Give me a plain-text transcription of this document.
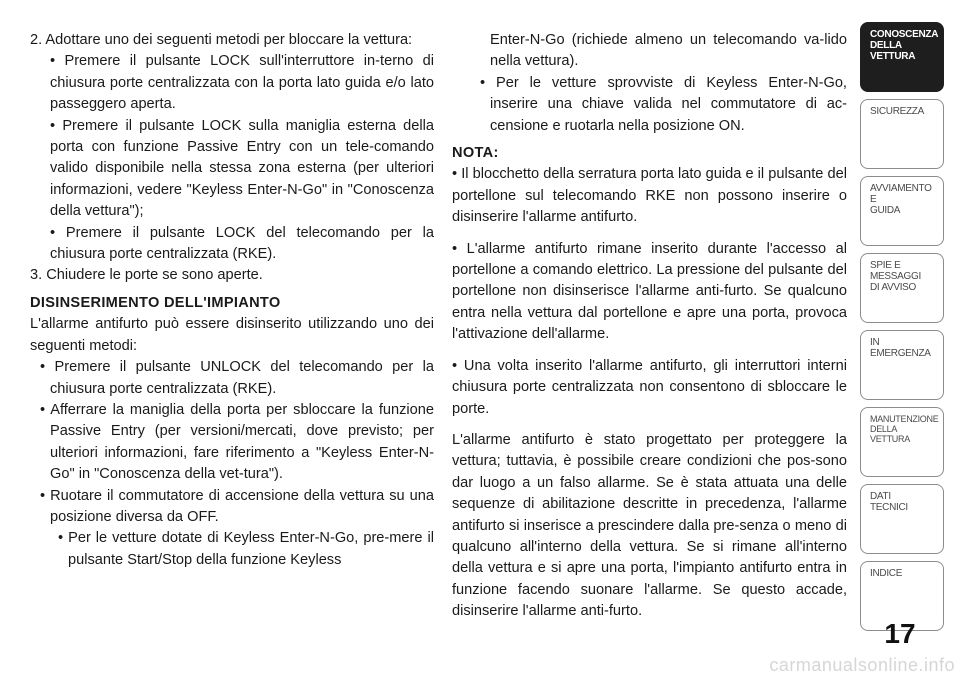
2. Adottare uno dei seguenti metodi per bloccare la vettura:

• Premere il pulsante LOCK sull'interruttore in-terno di chiusura porte centralizzata con la porta lato guida e/o lato passeggero aperta.

• Premere il pulsante LOCK sulla maniglia esterna della porta con funzione Passive Entry con un tele-comando valido disponibile nella stessa zona esterna (per ulteriori informazioni, vedere "Keyless Enter-N-Go" in "Conoscenza della vettura");

• Premere il pulsante LOCK del telecomando per la chiusura porte centralizzata (RKE).

3. Chiudere le porte se sono aperte.

DISINSERIMENTO DELL'IMPIANTO

L'allarme antifurto può essere disinserito utilizzando uno dei seguenti metodi:

• Premere il pulsante UNLOCK del telecomando per la chiusura porte centralizzata (RKE).

• Afferrare la maniglia della porta per sbloccare la funzione Passive Entry (per versioni/mercati, dove previsto; per ulteriori informazioni, fare riferimento a "Keyless Enter-N-Go" in "Conoscenza della vet-tura").

• Ruotare il commutatore di accensione della vettura su una posizione diversa da OFF.

• Per le vetture dotate di Keyless Enter-N-Go, pre-mere il pulsante Start/Stop della funzione Keyless

Enter-N-Go (richiede almeno un telecomando va-lido nella vettura).

• Per le vetture sprovviste di Keyless Enter-N-Go, inserire una chiave valida nel commutatore di ac-censione e ruotarla nella posizione ON.

NOTA:

• Il blocchetto della serratura porta lato guida e il pulsante del portellone sul telecomando RKE non possono inserire o disinserire l'allarme antifurto.

• L'allarme antifurto rimane inserito durante l'accesso al portellone a comando elettrico. La pressione del pulsante del portellone non disinserisce l'allarme anti-furto. Se qualcuno entra nella vettura dal portellone e apre una porta, provoca l'attivazione dell'allarme.

• Una volta inserito l'allarme antifurto, gli interruttori interni chiusura porte centralizzata non consentono di sbloccare le porte.

L'allarme antifurto è stato progettato per proteggere la vettura; tuttavia, è possibile creare condizioni che pos-sono dar luogo a un falso allarme. Se è stata attuata una delle sequenze di abilitazione descritte in precedenza, l'allarme antifurto si inserisce a prescindere dalla pre-senza o meno di qualcuno all'interno della vettura. Se si rimane all'interno della vettura e si apre una porta, l'impianto antifurto entra in funzione facendo suonare l'allarme. Se questo accade, disinserire l'allarme anti-furto.

CONOSCENZA
DELLA
VETTURA
SICUREZZA
AVVIAMENTO
E
GUIDA
SPIE E
MESSAGGI
DI AVVISO
IN
EMERGENZA
MANUTENZIONE
DELLA
VETTURA
DATI
TECNICI
INDICE
17
carmanualsonline.info
